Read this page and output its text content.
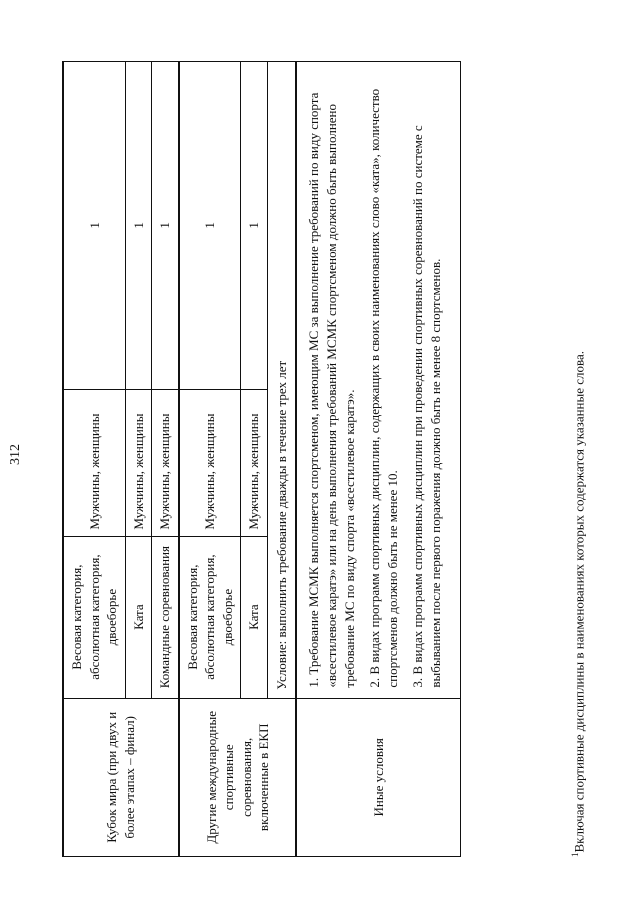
312
Кубок мира (при двух и более этапах – финал)	Весовая категория, абсолютная категория, двоеборье	Мужчины, женщины	1
	Ката	Мужчины, женщины	1
	Командные соревнования	Мужчины, женщины	1
Другие международные спортивные соревнования, включенные в ЕКП	Весовая категория, абсолютная категория, двоеборье	Мужчины, женщины	1
	Ката	Мужчины, женщины	1
	Условие: выполнить требование дважды в течение трех лет		
Иные условия	1. Требование МСМК выполняется спортсменом, имеющим МС за выполнение требований по виду спорта «всестилевое каратэ» или на день выполнения требований МСМК спортсменом должно быть выполнено требование МС по виду спорта «всестилевое каратэ». 2. В видах программ спортивных дисциплин, содержащих в своих наименованиях слово «ката», количество спортсменов должно быть не менее 10. 3. В видах программ спортивных дисциплин при проведении спортивных соревнований по системе с выбыванием после первого поражения должно быть не менее 8 спортсменов.		

$^1$Включая спортивные дисциплины в наименованиях которых содержатся указанные слова.
